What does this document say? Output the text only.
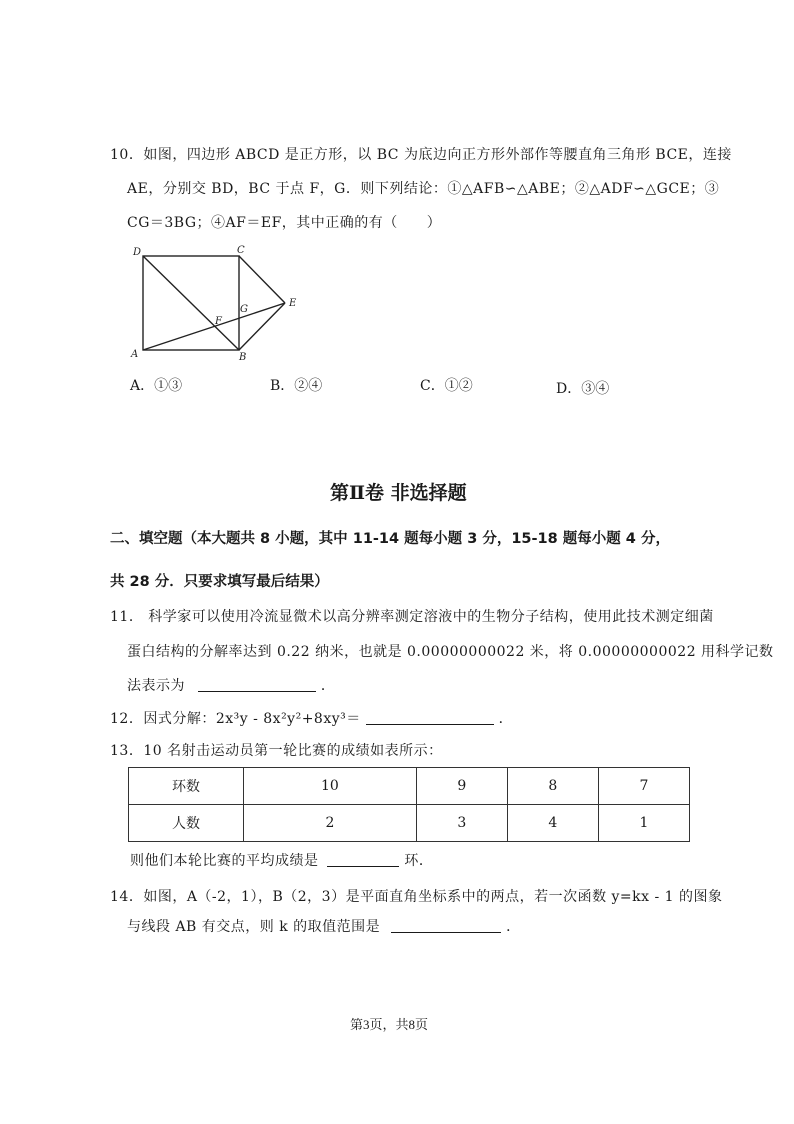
10．如图，四边形 ABCD 是正方形，以 BC 为底边向正方形外部作等腰直角三角形 BCE，连接
AE，分别交 BD，BC 于点 F，G．则下列结论：①△AFB∽△ABE；②△ADF∽△GCE；③
CG＝3BG；④AF＝EF，其中正确的有（　　）
D	C
E
F
G
A	B
A．①③	B．②④	C．①②	D．③④
第Ⅱ卷 非选择题
二、填空题（本大题共 8 小题，其中 11-14 题每小题 3 分，15-18 题每小题 4 分，
共 28 分．只要求填写最后结果）
11． 科学家可以使用冷流显微术以高分辨率测定溶液中的生物分子结构，使用此技术测定细菌
蛋白结构的分解率达到 0.22 纳米，也就是 0.00000000022 米，将 0.00000000022 用科学记数
法表示为	．
12．因式分解：2x³y - 8x²y²+8xy³＝	．
13．10 名射击运动员第一轮比赛的成绩如表所示：
环数	10	9	8	7
人数	2	3	4	1
则他们本轮比赛的平均成绩是	环．
14．如图，A（-2，1），B（2，3）是平面直角坐标系中的两点，若一次函数 y=kx - 1 的图象
与线段 AB 有交点，则 k 的取值范围是	．
第3页，共8页
